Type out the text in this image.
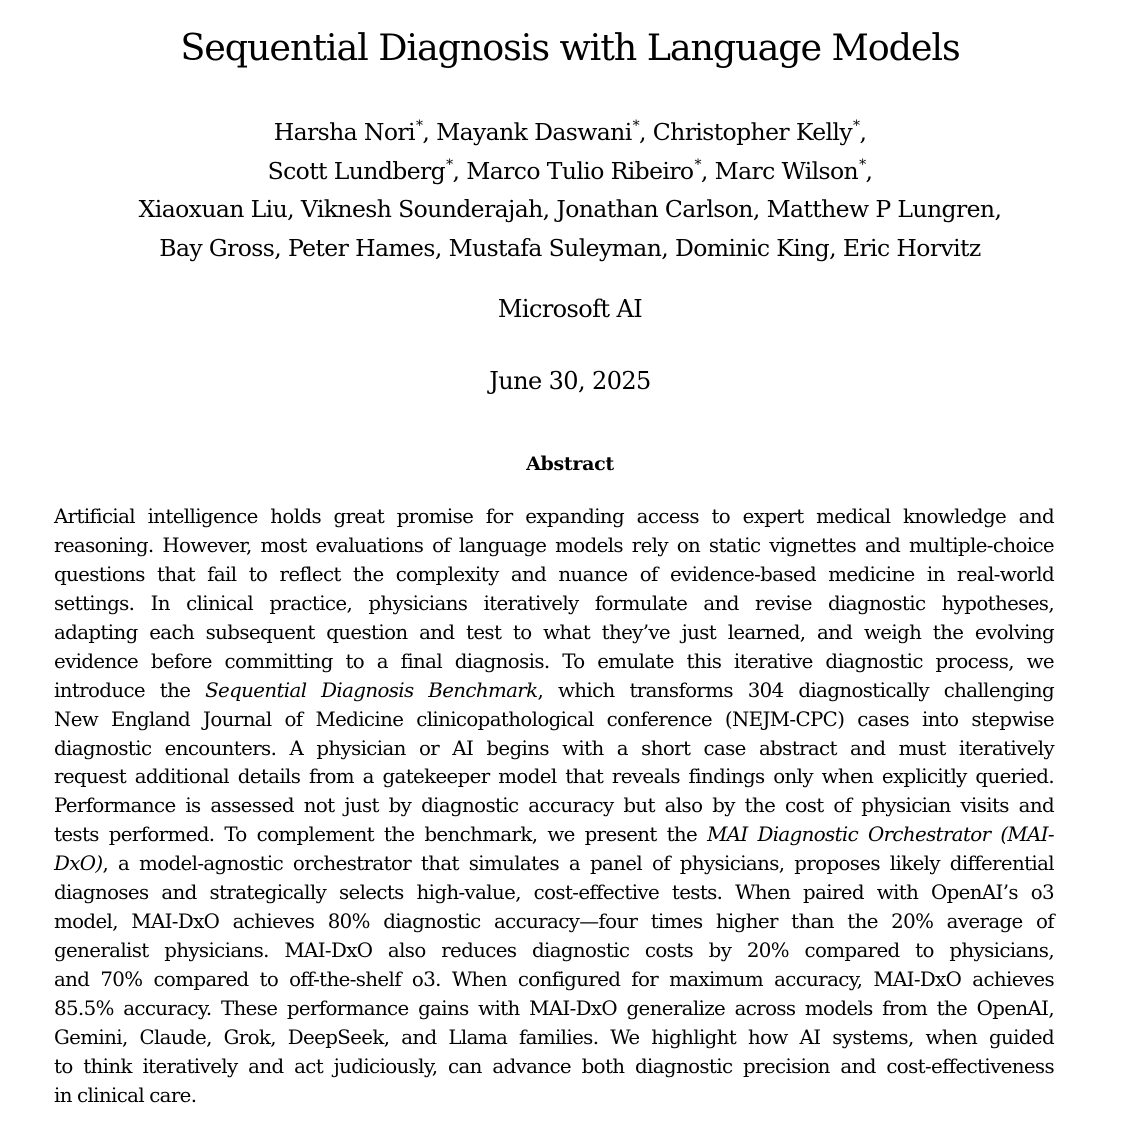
Sequential Diagnosis with Language Models
Harsha Nori*, Mayank Daswani*, Christopher Kelly*,
Scott Lundberg*, Marco Tulio Ribeiro*, Marc Wilson*,
Xiaoxuan Liu, Viknesh Sounderajah, Jonathan Carlson, Matthew P Lungren,
Bay Gross, Peter Hames, Mustafa Suleyman, Dominic King, Eric Horvitz
Microsoft AI
June 30, 2025
Abstract
Artificial intelligence holds great promise for expanding access to expert medical knowledge and
reasoning. However, most evaluations of language models rely on static vignettes and multiple-choice
questions that fail to reflect the complexity and nuance of evidence-based medicine in real-world
settings. In clinical practice, physicians iteratively formulate and revise diagnostic hypotheses,
adapting each subsequent question and test to what they’ve just learned, and weigh the evolving
evidence before committing to a final diagnosis. To emulate this iterative diagnostic process, we
introduce the Sequential Diagnosis Benchmark, which transforms 304 diagnostically challenging
New England Journal of Medicine clinicopathological conference (NEJM-CPC) cases into stepwise
diagnostic encounters. A physician or AI begins with a short case abstract and must iteratively
request additional details from a gatekeeper model that reveals findings only when explicitly queried.
Performance is assessed not just by diagnostic accuracy but also by the cost of physician visits and
tests performed. To complement the benchmark, we present the MAI Diagnostic Orchestrator (MAI-
DxO), a model-agnostic orchestrator that simulates a panel of physicians, proposes likely differential
diagnoses and strategically selects high-value, cost-effective tests. When paired with OpenAI’s o3
model, MAI-DxO achieves 80% diagnostic accuracy—four times higher than the 20% average of
generalist physicians. MAI-DxO also reduces diagnostic costs by 20% compared to physicians,
and 70% compared to off-the-shelf o3. When configured for maximum accuracy, MAI-DxO achieves
85.5% accuracy. These performance gains with MAI-DxO generalize across models from the OpenAI,
Gemini, Claude, Grok, DeepSeek, and Llama families. We highlight how AI systems, when guided
to think iteratively and act judiciously, can advance both diagnostic precision and cost-effectiveness
in clinical care.
